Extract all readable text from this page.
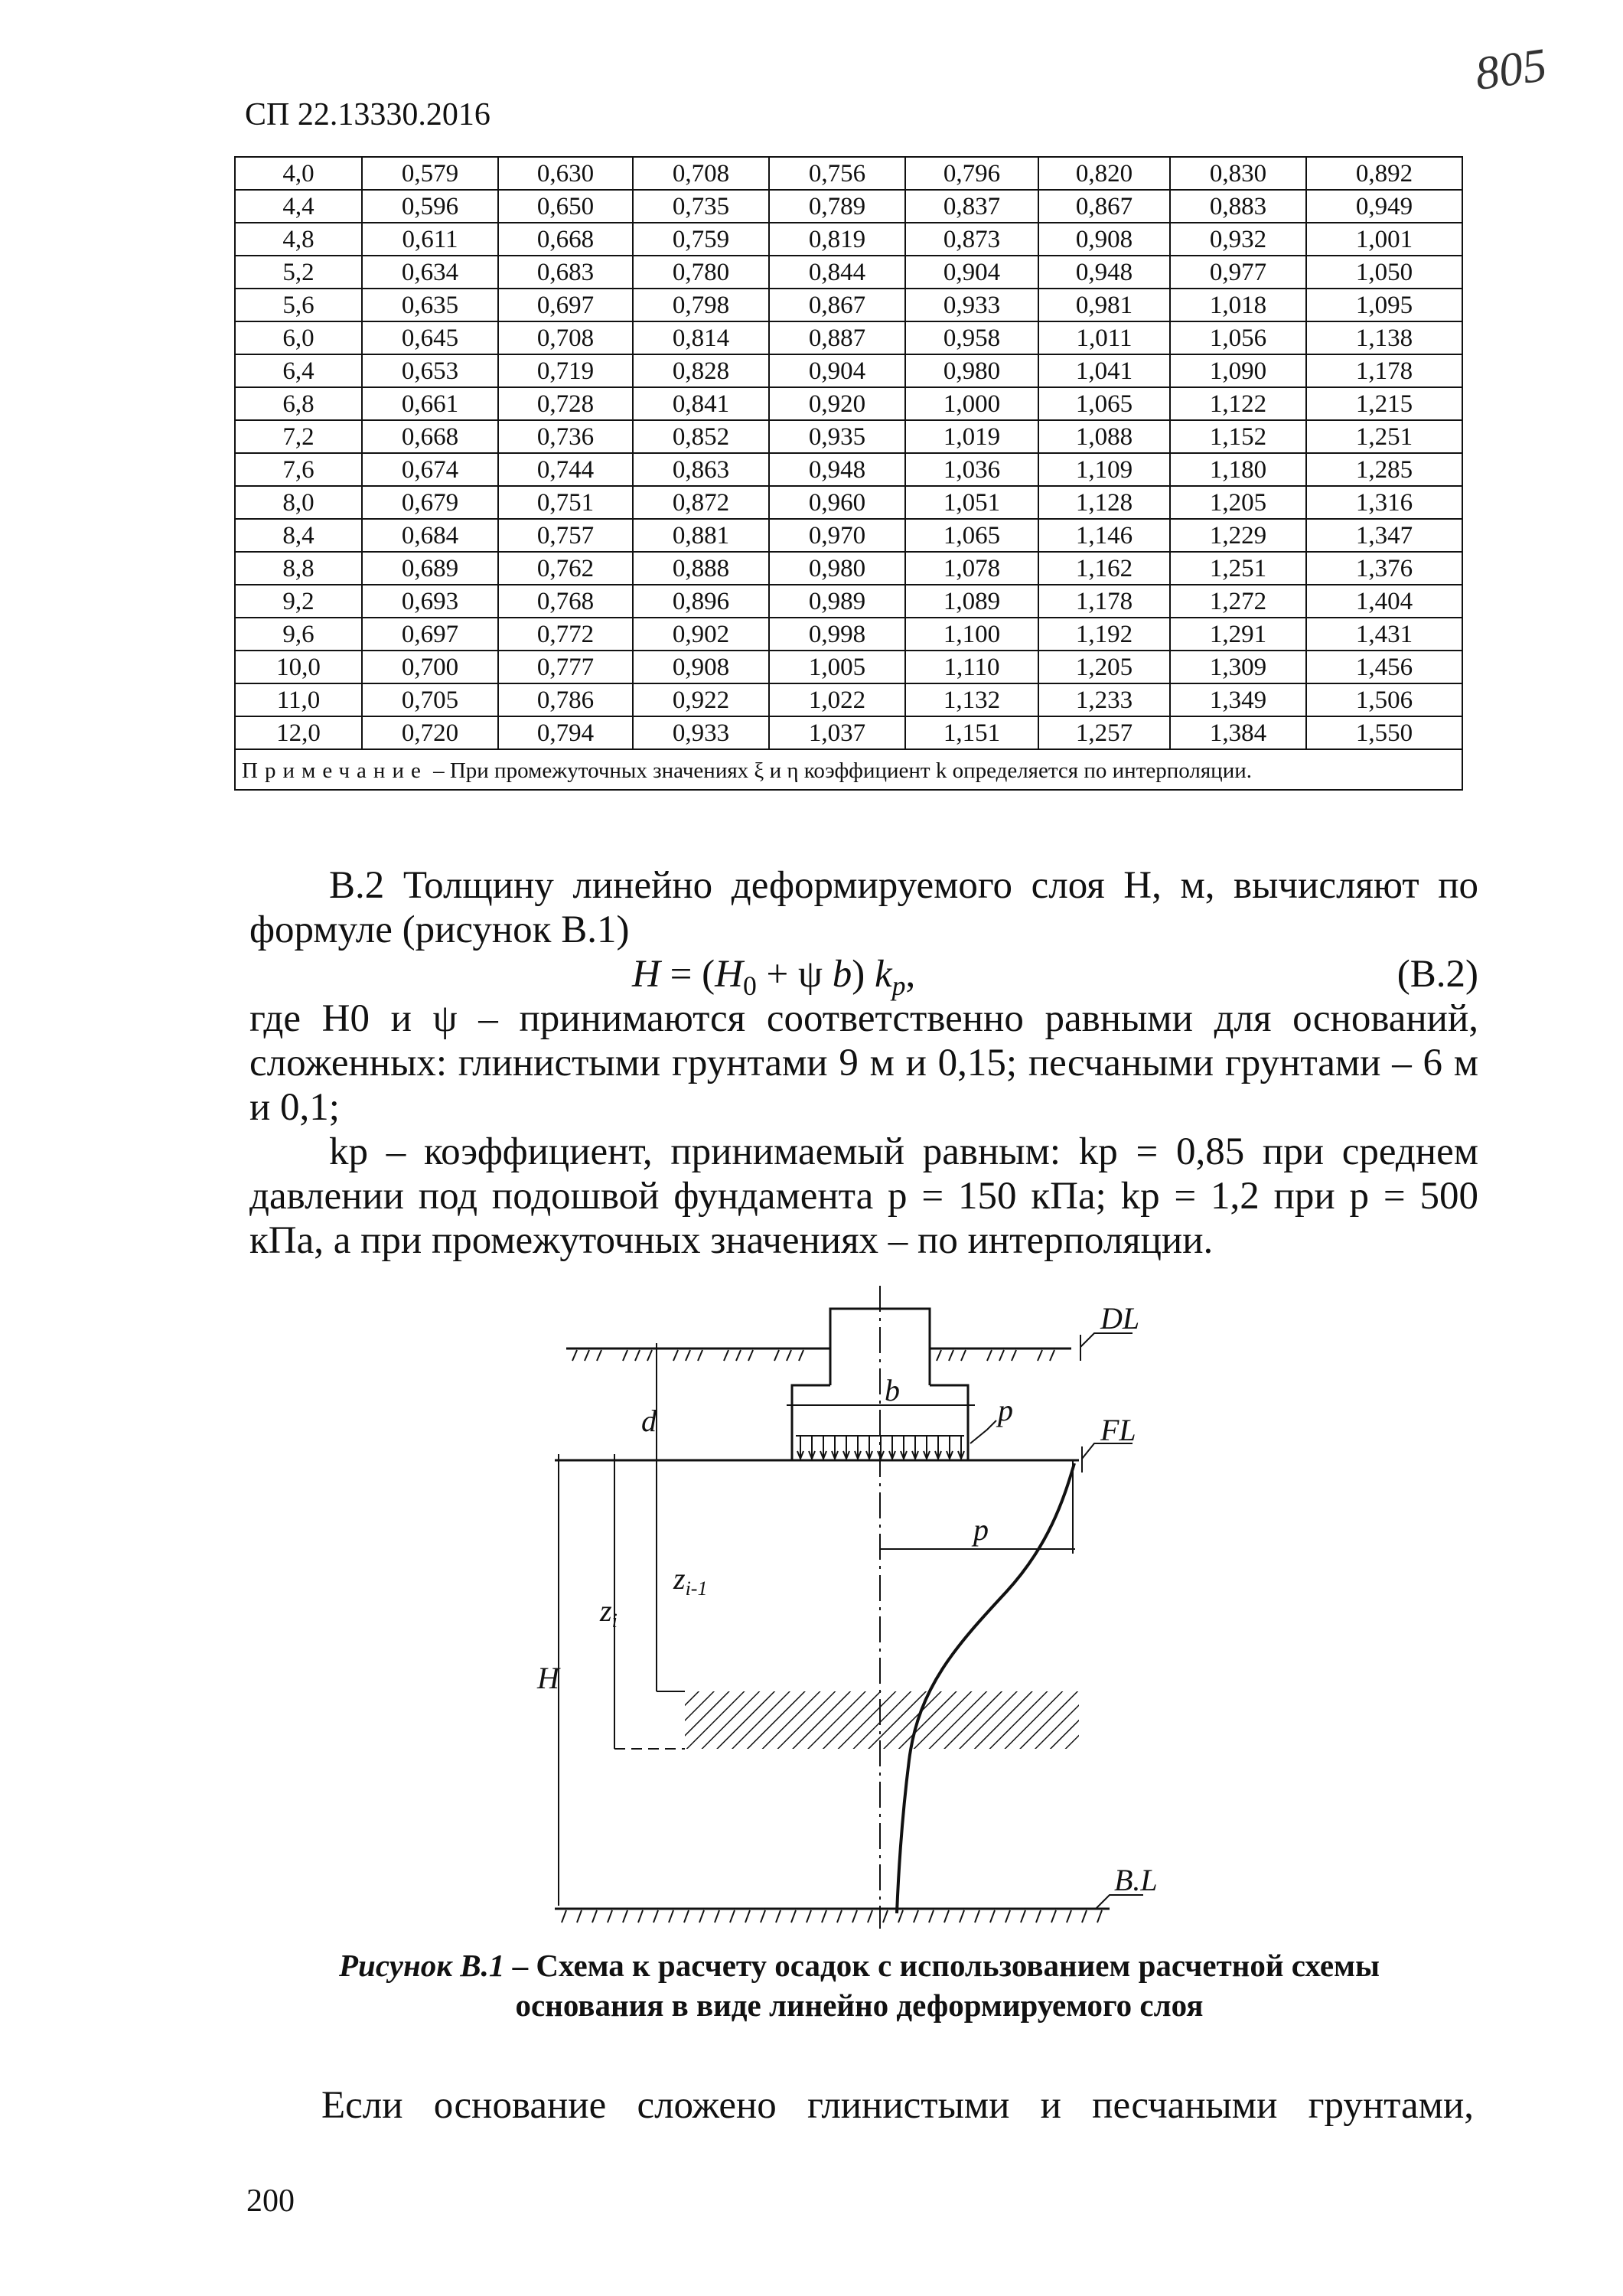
СП 22.13330.2016
805
4,0	0,579	0,630	0,708	0,756	0,796	0,820	0,830	0,892
4,4	0,596	0,650	0,735	0,789	0,837	0,867	0,883	0,949
4,8	0,611	0,668	0,759	0,819	0,873	0,908	0,932	1,001
5,2	0,634	0,683	0,780	0,844	0,904	0,948	0,977	1,050
5,6	0,635	0,697	0,798	0,867	0,933	0,981	1,018	1,095
6,0	0,645	0,708	0,814	0,887	0,958	1,011	1,056	1,138
6,4	0,653	0,719	0,828	0,904	0,980	1,041	1,090	1,178
6,8	0,661	0,728	0,841	0,920	1,000	1,065	1,122	1,215
7,2	0,668	0,736	0,852	0,935	1,019	1,088	1,152	1,251
7,6	0,674	0,744	0,863	0,948	1,036	1,109	1,180	1,285
8,0	0,679	0,751	0,872	0,960	1,051	1,128	1,205	1,316
8,4	0,684	0,757	0,881	0,970	1,065	1,146	1,229	1,347
8,8	0,689	0,762	0,888	0,980	1,078	1,162	1,251	1,376
9,2	0,693	0,768	0,896	0,989	1,089	1,178	1,272	1,404
9,6	0,697	0,772	0,902	0,998	1,100	1,192	1,291	1,431
10,0	0,700	0,777	0,908	1,005	1,110	1,205	1,309	1,456
11,0	0,705	0,786	0,922	1,022	1,132	1,233	1,349	1,506
12,0	0,720	0,794	0,933	1,037	1,151	1,257	1,384	1,550
Примечание – При промежуточных значениях ξ и η коэффициент k определяется по интерполяции.								

В.2 Толщину линейно деформируемого слоя H, м, вычисляют по формуле (рисунок В.1)

$H = (H_0 + \psi$ b) $k_p$,	(В.2)

где H0 и ψ – принимаются соответственно равными для оснований, сложенных: глинистыми грунтами 9 м и 0,15; песчаными грунтами – 6 м и 0,1;

kp – коэффициент, принимаемый равным: kp = 0,85 при среднем давлении под подошвой фундамента p = 150 кПа; kp = 1,2 при p = 500 кПа, а при промежуточных значениях – по интерполяции.

DL
b
p
FL
d
p
$z_{i-1}$
$z_i$
H
B.L
Рисунок В.1 – Схема к расчету осадок с использованием расчетной схемы
основания в виде линейно деформируемого слоя
Если основание сложено глинистыми и песчаными грунтами,
200
